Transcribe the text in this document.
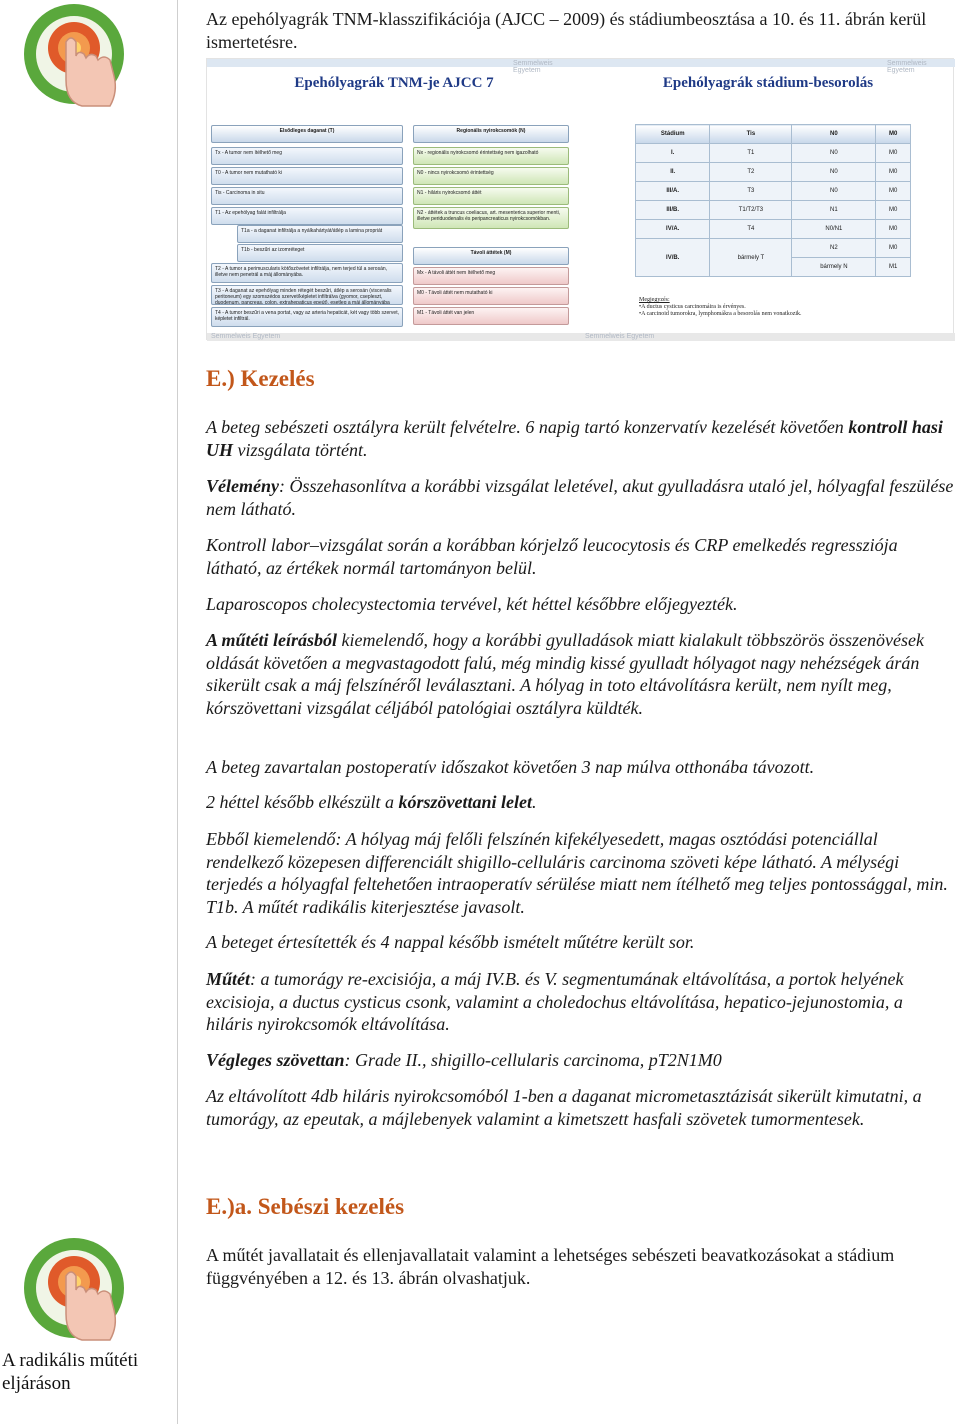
A radikális műtéti eljáráson
Az epehólyagrák TNM-klasszifikációja (AJCC – 2009) és stádiumbeosztása a 10. és 11. ábrán kerül ismertetésre.
Semmelweis Egyetem
Epehólyagrák TNM-je AJCC 7
Elsődleges daganat (T)
Tx - A tumor nem ítélhető meg
T0 - A tumor nem mutatható ki
Tis - Carcinoma in situ
T1 - Az epehólyag falát infiltrálja
T1a - a daganat infiltrálja a nyálkahártyát/átlép a lamina propriát
T1b - beszűri az izomréteget
T2 - A tumor a perimuscularis kötőszövetet infiltrálja, nem terjed túl a serosán, illetve nem penetrál a máj állományába.
T3 - A daganat az epehólyag minden rétegét beszűri, átlép a serosán (visceralis peritoneum) egy szomszédos szervet/képletet infiltrálva (gyomor, csepleszt, duodenum, pancreas, colon, extrahepaticus epeút), esetleg a máj állományába
T4 - A tumor beszűri a vena portat, vagy az arteria hepaticát, két vagy több szervet, képletet infiltrál.
Regionális nyirokcsomók (N)
Nx - regionális nyirokcsomó érintettség nem igazolható
N0 - nincs nyirokcsomó érintettség
N1 - hiláris nyirokcsomó áttét
N2 - áttétek a truncus coeliacus, art. mesenterica superior menti, illetve periduodenalis és peripancreaticus nyirokcsomókban.
Távoli áttétek (M)
Mx - A távoli áttét nem ítélhető meg
M0 - Távoli áttét nem mutatható ki
M1 - Távoli áttét van jelen
Semmelweis Egyetem
Semmelweis Egyetem
Epehólyagrák stádium-besorolás
Semmelweis Egyetem
Stádium	Tis	N0	M0
I.	T1	N0	M0
II.	T2	N0	M0
III/A.	T3	N0	M0
III/B.	T1/T2/T3	N1	M0
IV/A.	T4	N0/N1	M0
IV/B.	bármely T	N2	M0
		bármely N	M1
Megjegyzés:
•A ductus cysticus carcinomáira is érvényes.
•A carcinoid tumorokra, lymphomákra a besorolás nem vonatkozik.
E.) Kezelés
A beteg sebészeti osztályra került felvételre. 6 napig tartó konzervatív kezelését követően kontroll hasi UH vizsgálata történt.
Vélemény: Összehasonlítva a korábbi vizsgálat leletével, akut gyulladásra utaló jel, hólyagfal feszülése nem látható.
Kontroll labor–vizsgálat során a korábban kórjelző leucocytosis és CRP emelkedés regressziója látható, az értékek normál tartományon belül.
Laparoscopos cholecystectomia tervével, két héttel későbbre előjegyezték.
A műtéti leírásból kiemelendő, hogy a korábbi gyulladások miatt kialakult többszörös összenövések oldását követően a megvastagodott falú, még mindig kissé gyulladt hólyagot nagy nehézségek árán sikerült csak a máj felszínéről leválasztani. A hólyag in toto eltávolításra került, nem nyílt meg, kórszövettani vizsgálat céljából patológiai osztályra küldték.
A beteg zavartalan postoperatív időszakot követően 3 nap múlva otthonába távozott.
2 héttel később elkészült a kórszövettani lelet.
Ebből kiemelendő: A hólyag máj felőli felszínén kifekélyesedett, magas osztódási potenciállal rendelkező közepesen differenciált shigillo-celluláris carcinoma szöveti képe látható. A mélységi terjedés a hólyagfal feltehetően intraoperatív sérülése miatt nem ítélhető meg teljes pontossággal, min. T1b. A műtét radikális kiterjesztése javasolt.
A beteget értesítették és 4 nappal később ismételt műtétre került sor.
Műtét: a tumorágy re-excisiója, a máj IV.B. és V. segmentumának eltávolítása, a portok helyének excisioja, a ductus cysticus csonk, valamint a choledochus eltávolítása, hepatico-jejunostomia, a hiláris nyirokcsomók eltávolítása.
Végleges szövettan: Grade II., shigillo-cellularis carcinoma, pT2N1M0
Az eltávolított 4db hiláris nyirokcsomóból 1-ben a daganat micrometasztázisát sikerült kimutatni, a tumorágy, az epeutak, a májlebenyek valamint a kimetszett hasfali szövetek tumormentesek.
E.)a. Sebészi kezelés
A műtét javallatait és ellenjavallatait valamint a lehetséges sebészeti beavatkozásokat a stádium függvényében a 12. és 13. ábrán olvashatjuk.
